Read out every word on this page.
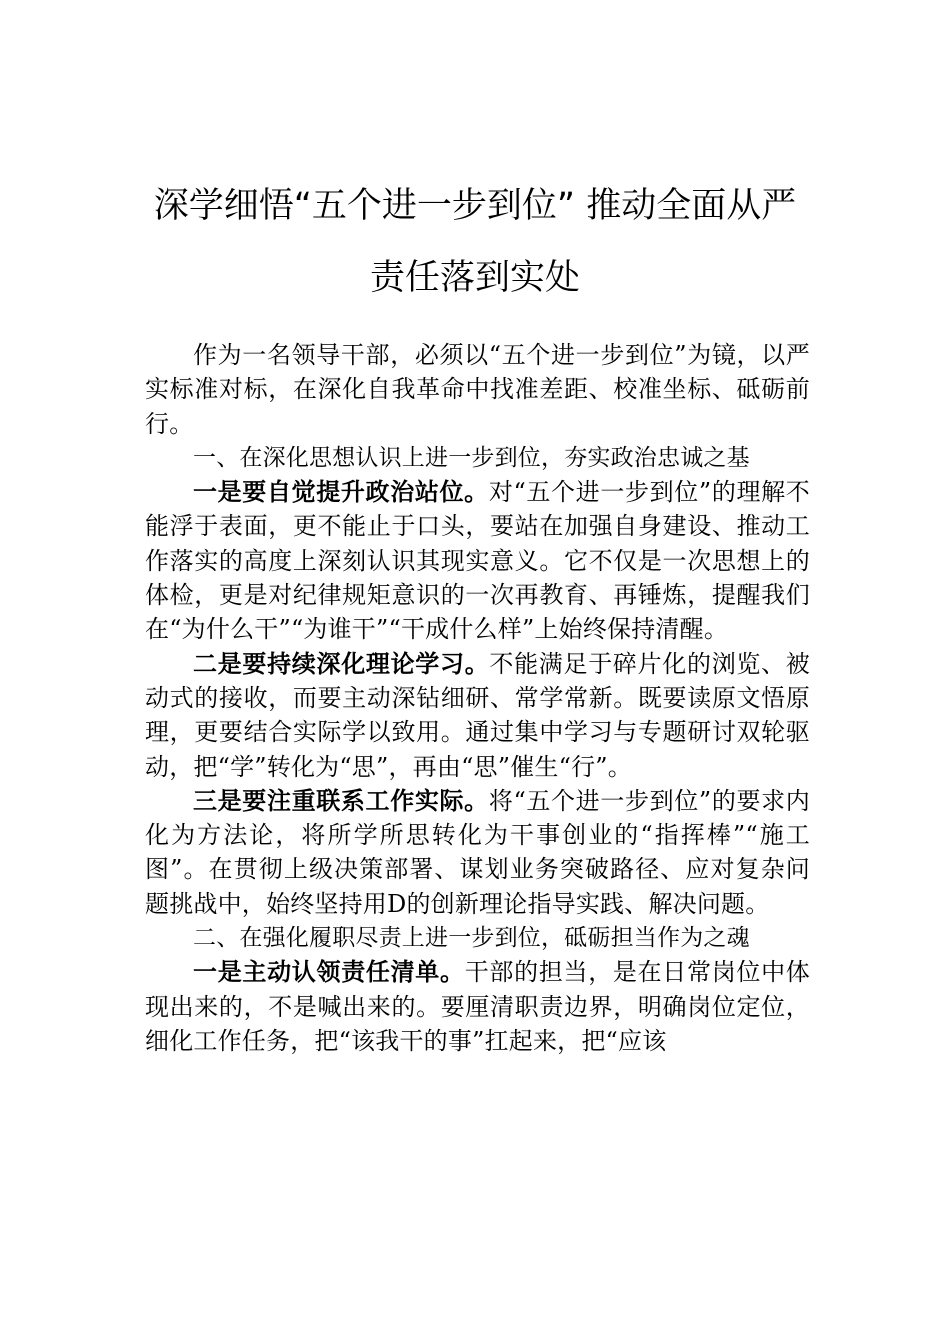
深学细悟“五个进一步到位” 推动全面从严
责任落到实处

作为一名领导干部，必须以“五个进一步到位”为镜，以严实标准对标，在深化自我革命中找准差距、校准坐标、砥砺前行。

一、在深化思想认识上进一步到位，夯实政治忠诚之基

一是要自觉提升政治站位。对“五个进一步到位”的理解不能浮于表面，更不能止于口头，要站在加强自身建设、推动工作落实的高度上深刻认识其现实意义。它不仅是一次思想上的体检，更是对纪律规矩意识的一次再教育、再锤炼，提醒我们在“为什么干”“为谁干”“干成什么样”上始终保持清醒。

二是要持续深化理论学习。不能满足于碎片化的浏览、被动式的接收，而要主动深钻细研、常学常新。既要读原文悟原理，更要结合实际学以致用。通过集中学习与专题研讨双轮驱动，把“学”转化为“思”，再由“思”催生“行”。

三是要注重联系工作实际。将“五个进一步到位”的要求内化为方法论，将所学所思转化为干事创业的“指挥棒”“施工图”。在贯彻上级决策部署、谋划业务突破路径、应对复杂问题挑战中，始终坚持用D的创新理论指导实践、解决问题。

二、在强化履职尽责上进一步到位，砥砺担当作为之魂

一是主动认领责任清单。干部的担当，是在日常岗位中体现出来的，不是喊出来的。要厘清职责边界，明确岗位定位，细化工作任务，把“该我干的事”扛起来，把“应该
